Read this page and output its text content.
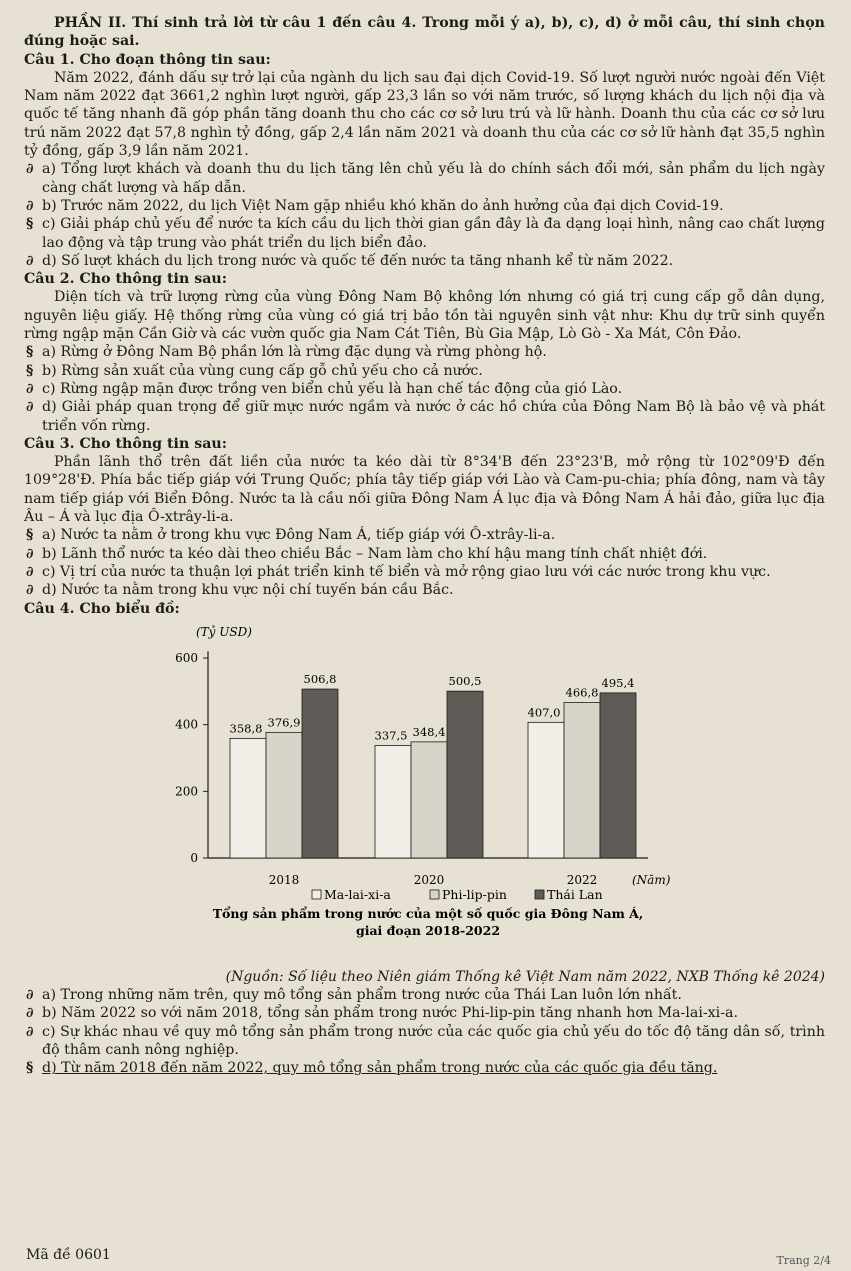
PHẦN II. Thí sinh trả lời từ câu 1 đến câu 4. Trong mỗi ý a), b), c), d) ở mỗi câu, thí sinh chọn đúng hoặc sai.

Câu 1. Cho đoạn thông tin sau:

Năm 2022, đánh dấu sự trở lại của ngành du lịch sau đại dịch Covid-19. Số lượt người nước ngoài đến Việt Nam năm 2022 đạt 3661,2 nghìn lượt người, gấp 23,3 lần so với năm trước, số lượng khách du lịch nội địa và quốc tế tăng nhanh đã góp phần tăng doanh thu cho các cơ sở lưu trú và lữ hành. Doanh thu của các cơ sở lưu trú năm 2022 đạt 57,8 nghìn tỷ đồng, gấp 2,4 lần năm 2021 và doanh thu của các cơ sở lữ hành đạt 35,5 nghìn tỷ đồng, gấp 3,9 lần năm 2021.

∂ a) Tổng lượt khách và doanh thu du lịch tăng lên chủ yếu là do chính sách đổi mới, sản phẩm du lịch ngày càng chất lượng và hấp dẫn.

∂ b) Trước năm 2022, du lịch Việt Nam gặp nhiều khó khăn do ảnh hưởng của đại dịch Covid-19.

§ c) Giải pháp chủ yếu để nước ta kích cầu du lịch thời gian gần đây là đa dạng loại hình, nâng cao chất lượng lao động và tập trung vào phát triển du lịch biển đảo.

∂ d) Số lượt khách du lịch trong nước và quốc tế đến nước ta tăng nhanh kể từ năm 2022.

Câu 2. Cho thông tin sau:

Diện tích và trữ lượng rừng của vùng Đông Nam Bộ không lớn nhưng có giá trị cung cấp gỗ dân dụng, nguyên liệu giấy. Hệ thống rừng của vùng có giá trị bảo tồn tài nguyên sinh vật như: Khu dự trữ sinh quyển rừng ngập mặn Cần Giờ và các vườn quốc gia Nam Cát Tiên, Bù Gia Mập, Lò Gò - Xa Mát, Côn Đảo.

§ a) Rừng ở Đông Nam Bộ phần lớn là rừng đặc dụng và rừng phòng hộ.

§ b) Rừng sản xuất của vùng cung cấp gỗ chủ yếu cho cả nước.

∂ c) Rừng ngập mặn được trồng ven biển chủ yếu là hạn chế tác động của gió Lào.

∂ d) Giải pháp quan trọng để giữ mực nước ngầm và nước ở các hồ chứa của Đông Nam Bộ là bảo vệ và phát triển vốn rừng.

Câu 3. Cho thông tin sau:

Phần lãnh thổ trên đất liền của nước ta kéo dài từ 8°34'B đến 23°23'B, mở rộng từ 102°09'Đ đến 109°28'Đ. Phía bắc tiếp giáp với Trung Quốc; phía tây tiếp giáp với Lào và Cam-pu-chia; phía đông, nam và tây nam tiếp giáp với Biển Đông. Nước ta là cầu nối giữa Đông Nam Á lục địa và Đông Nam Á hải đảo, giữa lục địa Âu – Á và lục địa Ô-xtrây-li-a.

§ a) Nước ta nằm ở trong khu vực Đông Nam Á, tiếp giáp với Ô-xtrây-li-a.

∂ b) Lãnh thổ nước ta kéo dài theo chiều Bắc – Nam làm cho khí hậu mang tính chất nhiệt đới.

∂ c) Vị trí của nước ta thuận lợi phát triển kinh tế biển và mở rộng giao lưu với các nước trong khu vực.

∂ d) Nước ta nằm trong khu vực nội chí tuyến bán cầu Bắc.

Câu 4. Cho biểu đồ:

(Tỷ USD)
(Năm)
0
200
400
600
358,8 376,9
506,8
2018
337,5 348,4
500,5
2020
407,0
466,8
495,4
2022
Ma-lai-xi-a	Phi-lip-pin	Thái Lan
Tổng sản phẩm trong nước của một số quốc gia Đông Nam Á,
giai đoạn 2018-2022

(Nguồn: Số liệu theo Niên giám Thống kê Việt Nam năm 2022, NXB Thống kê 2024)

∂ a) Trong những năm trên, quy mô tổng sản phẩm trong nước của Thái Lan luôn lớn nhất.

∂ b) Năm 2022 so với năm 2018, tổng sản phẩm trong nước Phi-lip-pin tăng nhanh hơn Ma-lai-xi-a.

∂ c) Sự khác nhau về quy mô tổng sản phẩm trong nước của các quốc gia chủ yếu do tốc độ tăng dân số, trình độ thâm canh nông nghiệp.

§ d) Từ năm 2018 đến năm 2022, quy mô tổng sản phẩm trong nước của các quốc gia đều tăng.

Mã đề 0601	Trang 2/4
